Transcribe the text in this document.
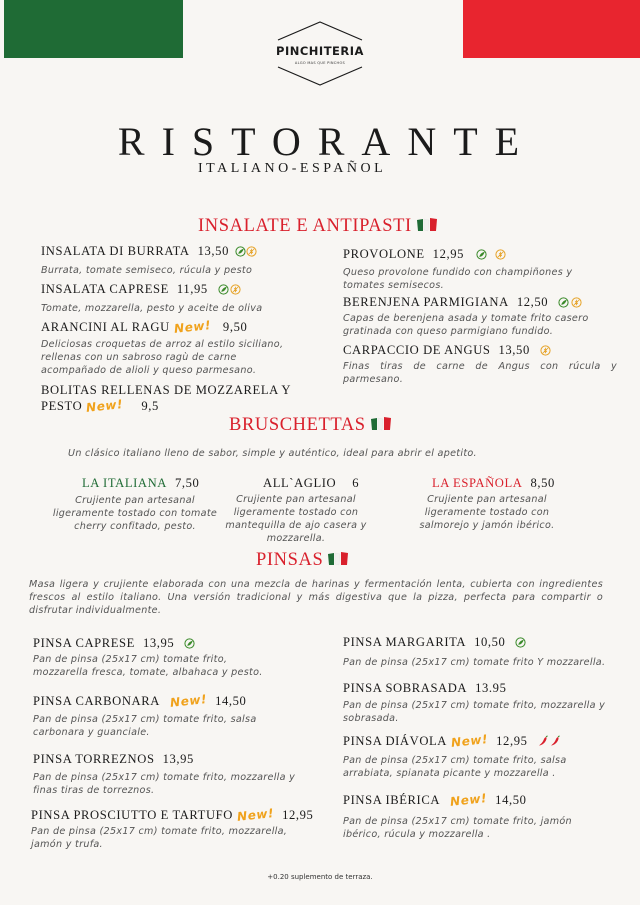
PINCHITERIA
ALGO MAS QUE PINCHOS
RISTORANTE
ITALIANO-ESPAÑOL
INSALATE E ANTIPASTI
INSALATA DI BURRATA 13,50
Burrata, tomate semiseco, rúcula y pesto
INSALATA CAPRESE 11,95
Tomate, mozzarella, pesto y aceite de oliva
ARANCINI AL RAGU New! 9,50
Deliciosas croquetas de arroz al estilo siciliano, rellenas con un sabroso ragù de carne acompañado de alioli y queso parmesano.
BOLITAS RELLENAS DE MOZZARELA Y
PESTO New! 9,5
PROVOLONE 12,95
Queso provolone fundido con champiñones y tomates semisecos.
BERENJENA PARMIGIANA 12,50
Capas de berenjena asada y tomate frito casero gratinada con queso parmigiano fundido.
CARPACCIO DE ANGUS 13,50
Finas tiras de carne de Angus con rúcula y parmesano.
BRUSCHETTAS
Un clásico italiano lleno de sabor, simple y auténtico, ideal para abrir el apetito.
LA ITALIANA 7,50
Crujiente pan artesanal ligeramente tostado con tomate cherry confitado, pesto.
ALL`AGLIO 6
Crujiente pan artesanal ligeramente tostado con mantequilla de ajo casera y mozzarella.
LA ESPAÑOLA 8,50
Crujiente pan artesanal ligeramente tostado con salmorejo y jamón ibérico.
PINSAS
Masa ligera y crujiente elaborada con una mezcla de harinas y fermentación lenta, cubierta con ingredientes frescos al estilo italiano. Una versión tradicional y más digestiva que la pizza, perfecta para compartir o disfrutar individualmente.
PINSA CAPRESE 13,95
Pan de pinsa (25x17 cm) tomate frito, mozzarella fresca, tomate, albahaca y pesto.
PINSA CARBONARA New! 14,50
Pan de pinsa (25x17 cm) tomate frito, salsa carbonara y guanciale.
PINSA TORREZNOS 13,95
Pan de pinsa (25x17 cm) tomate frito, mozzarella y finas tiras de torreznos.
PINSA PROSCIUTTO E TARTUFO New! 12,95
Pan de pinsa (25x17 cm) tomate frito, mozzarella, jamón y trufa.
PINSA MARGARITA 10,50
Pan de pinsa (25x17 cm) tomate frito Y mozzarella.
PINSA SOBRASADA 13.95
Pan de pinsa (25x17 cm) tomate frito, mozzarella y sobrasada.
PINSA DIÁVOLA New! 12,95
Pan de pinsa (25x17 cm) tomate frito, salsa arrabiata, spianata picante y mozzarella .
PINSA IBÉRICA New! 14,50
Pan de pinsa (25x17 cm) tomate frito, jamón ibérico, rúcula y mozzarella .
+0.20 suplemento de terraza.
